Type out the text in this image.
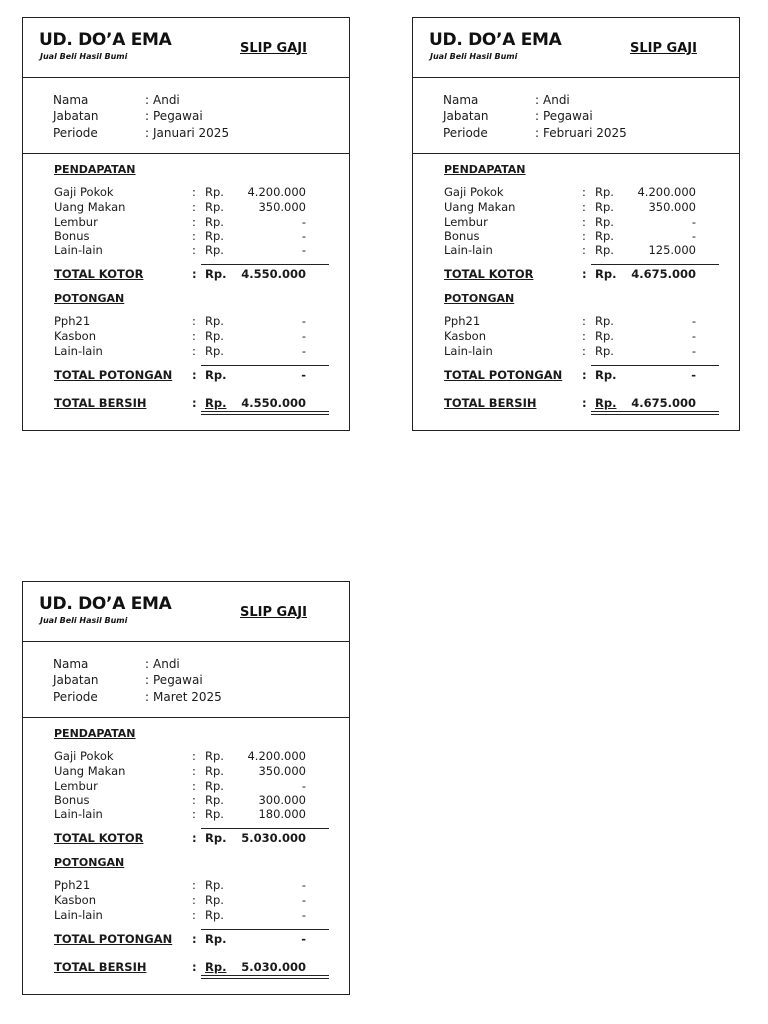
UD. DO’A EMA
Jual Beli Hasil Bumi
SLIP GAJI
Nama	: Andi
Jabatan	: Pegawai
Periode	: Januari 2025
PENDAPATAN
Gaji Pokok	: Rp. 4.200.000
Uang Makan	: Rp.	350.000
Lembur	: Rp.	-
Bonus	: Rp.	-
Lain-lain	: Rp.	-
TOTAL KOTOR	: Rp. 4.550.000
POTONGAN
Pph21	: Rp.	-
Kasbon	: Rp.	-
Lain-lain	: Rp.	-
TOTAL POTONGAN : Rp.	-
TOTAL BERSIH	: Rp. 4.550.000
UD. DO’A EMA
Jual Beli Hasil Bumi
SLIP GAJI
Nama	: Andi
Jabatan	: Pegawai
Periode	: Februari 2025
PENDAPATAN
Gaji Pokok	: Rp. 4.200.000
Uang Makan	: Rp.	350.000
Lembur	: Rp.	-
Bonus	: Rp.	-
Lain-lain	: Rp.	125.000
TOTAL KOTOR	: Rp. 4.675.000
POTONGAN
Pph21	: Rp.	-
Kasbon	: Rp.	-
Lain-lain	: Rp.	-
TOTAL POTONGAN : Rp.	-
TOTAL BERSIH	: Rp. 4.675.000
UD. DO’A EMA
Jual Beli Hasil Bumi
SLIP GAJI
Nama	: Andi
Jabatan	: Pegawai
Periode	: Maret 2025
PENDAPATAN
Gaji Pokok	: Rp. 4.200.000
Uang Makan	: Rp.	350.000
Lembur	: Rp.	-
Bonus	: Rp.	300.000
Lain-lain	: Rp.	180.000
TOTAL KOTOR	: Rp. 5.030.000
POTONGAN
Pph21	: Rp.	-
Kasbon	: Rp.	-
Lain-lain	: Rp.	-
TOTAL POTONGAN : Rp.	-
TOTAL BERSIH	: Rp. 5.030.000
